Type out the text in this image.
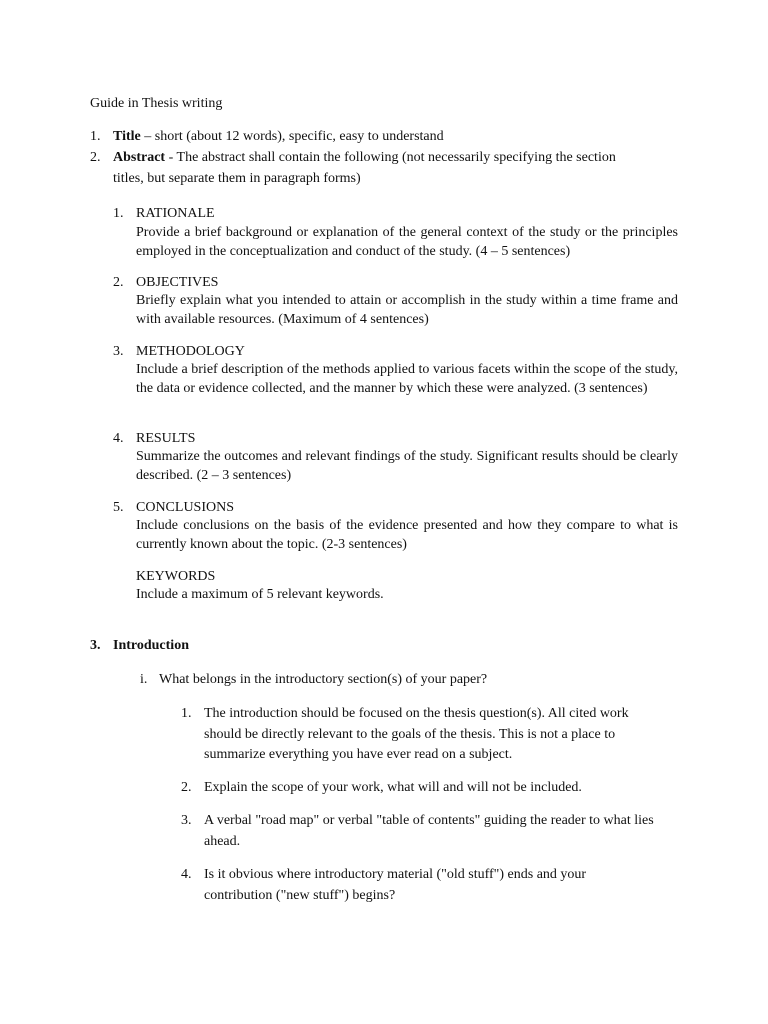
Guide in Thesis writing
1. Title – short (about 12 words), specific, easy to understand
2. Abstract - The abstract shall contain the following (not necessarily specifying the section
titles, but separate them in paragraph forms)
1. RATIONALE
Provide a brief background or explanation of the general context of the study or the principles employed in the conceptualization and conduct of the study. (4 – 5 sentences)
2. OBJECTIVES
Briefly explain what you intended to attain or accomplish in the study within a time frame and with available resources. (Maximum of 4 sentences)
3. METHODOLOGY
Include a brief description of the methods applied to various facets within the scope of the study, the data or evidence collected, and the manner by which these were analyzed. (3 sentences)
4. RESULTS
Summarize the outcomes and relevant findings of the study. Significant results should be clearly described. (2 – 3 sentences)
5. CONCLUSIONS
Include conclusions on the basis of the evidence presented and how they compare to what is currently known about the topic. (2-3 sentences)
KEYWORDS
Include a maximum of 5 relevant keywords.
3. Introduction
i. What belongs in the introductory section(s) of your paper?
1. The introduction should be focused on the thesis question(s). All cited work should be directly relevant to the goals of the thesis. This is not a place to summarize everything you have ever read on a subject.
2. Explain the scope of your work, what will and will not be included.
3. A verbal "road map" or verbal "table of contents" guiding the reader to what lies ahead.
4. Is it obvious where introductory material ("old stuff") ends and your contribution ("new stuff") begins?
